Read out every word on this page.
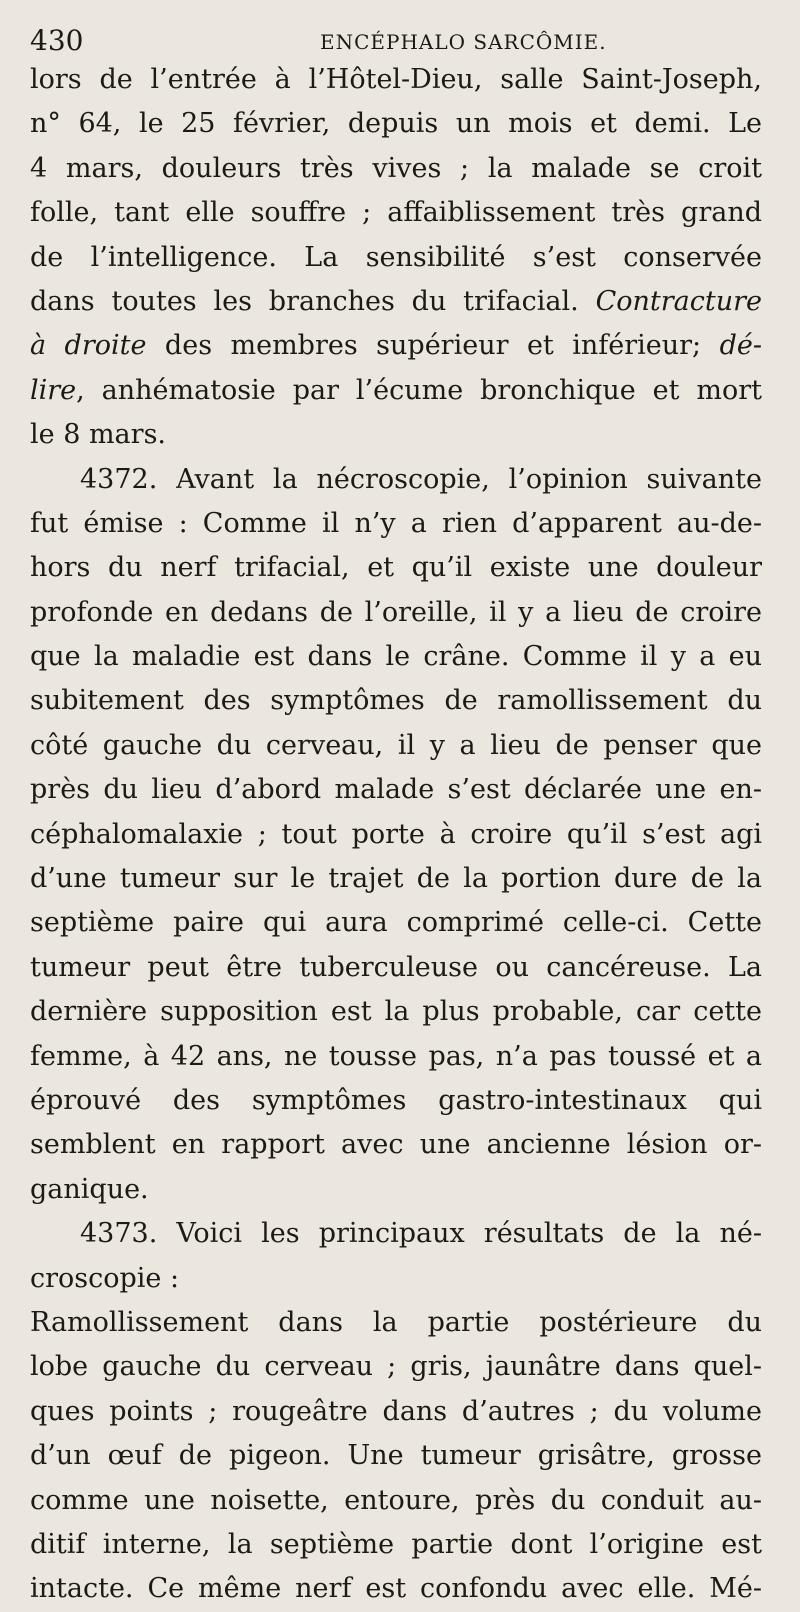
430	ENCÉPHALO SARCÔMIE.
lors de l’entrée à l’Hôtel-Dieu, salle Saint-Joseph,
n° 64, le 25 février, depuis un mois et demi. Le
4 mars, douleurs très vives ; la malade se croit
folle, tant elle souffre ; affaiblissement très grand
de l’intelligence. La sensibilité s’est conservée
dans toutes les branches du trifacial. Contracture
à droite des membres supérieur et inférieur; dé-
lire, anhématosie par l’écume bronchique et mort
le 8 mars.
4372. Avant la nécroscopie, l’opinion suivante
fut émise : Comme il n’y a rien d’apparent au-de-
hors du nerf trifacial, et qu’il existe une douleur
profonde en dedans de l’oreille, il y a lieu de croire
que la maladie est dans le crâne. Comme il y a eu
subitement des symptômes de ramollissement du
côté gauche du cerveau, il y a lieu de penser que
près du lieu d’abord malade s’est déclarée une en-
céphalomalaxie ; tout porte à croire qu’il s’est agi
d’une tumeur sur le trajet de la portion dure de la
septième paire qui aura comprimé celle-ci. Cette
tumeur peut être tuberculeuse ou cancéreuse. La
dernière supposition est la plus probable, car cette
femme, à 42 ans, ne tousse pas, n’a pas toussé et a
éprouvé des symptômes gastro-intestinaux qui
semblent en rapport avec une ancienne lésion or-
ganique.
4373. Voici les principaux résultats de la né-
croscopie :
Ramollissement dans la partie postérieure du
lobe gauche du cerveau ; gris, jaunâtre dans quel-
ques points ; rougeâtre dans d’autres ; du volume
d’un œuf de pigeon. Une tumeur grisâtre, grosse
comme une noisette, entoure, près du conduit au-
ditif interne, la septième partie dont l’origine est
intacte. Ce même nerf est confondu avec elle. Mé-
